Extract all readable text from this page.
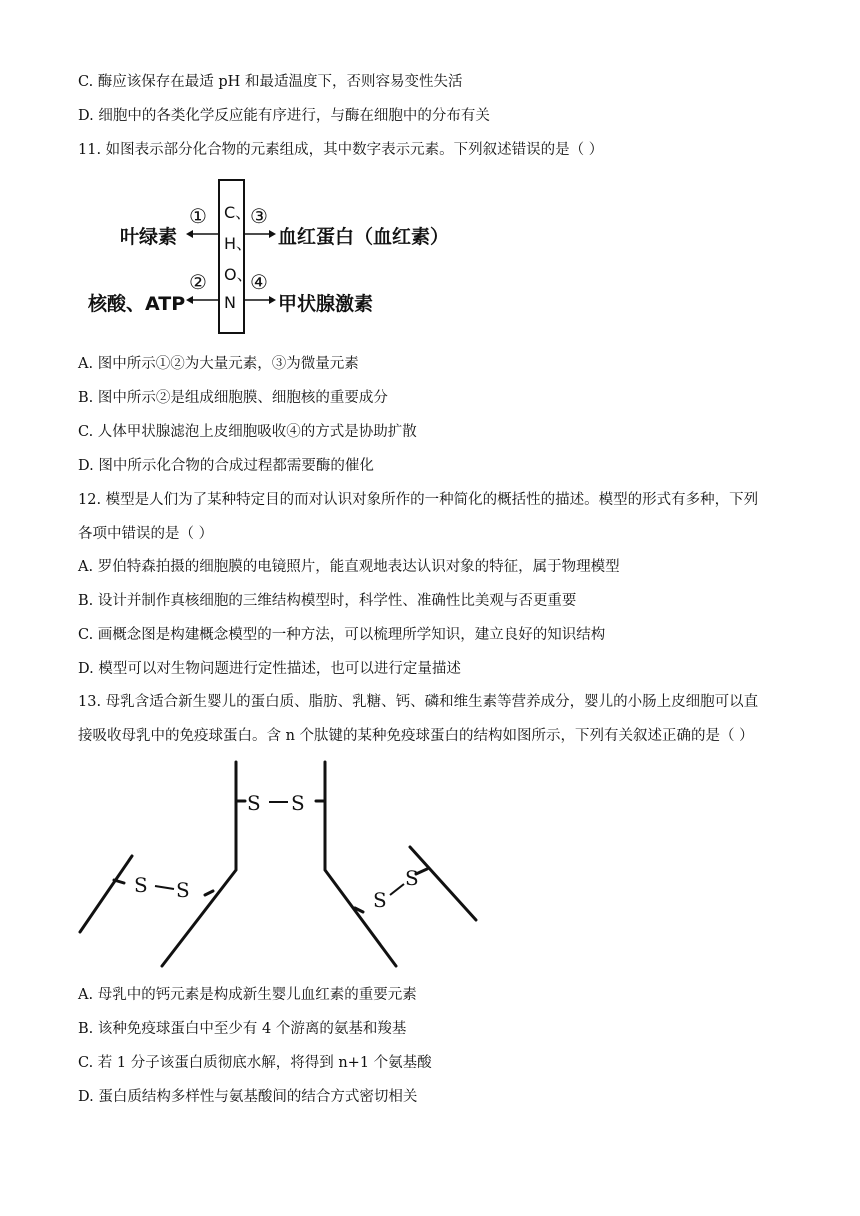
C. 酶应该保存在最适 pH 和最适温度下，否则容易变性失活
D. 细胞中的各类化学反应能有序进行，与酶在细胞中的分布有关
11. 如图表示部分化合物的元素组成，其中数字表示元素。下列叙述错误的是（ ）
C、
H、
O、
N
叶绿素
核酸、ATP
血红蛋白（血红素）
甲状腺激素
①
②
③
④
A. 图中所示①②为大量元素，③为微量元素
B. 图中所示②是组成细胞膜、细胞核的重要成分
C. 人体甲状腺滤泡上皮细胞吸收④的方式是协助扩散
D. 图中所示化合物的合成过程都需要酶的催化
12. 模型是人们为了某种特定目的而对认识对象所作的一种简化的概括性的描述。模型的形式有多种，下列
各项中错误的是（ ）
A. 罗伯特森拍摄的细胞膜的电镜照片，能直观地表达认识对象的特征，属于物理模型
B. 设计并制作真核细胞的三维结构模型时，科学性、准确性比美观与否更重要
C. 画概念图是构建概念模型的一种方法，可以梳理所学知识，建立良好的知识结构
D. 模型可以对生物问题进行定性描述，也可以进行定量描述
13. 母乳含适合新生婴儿的蛋白质、脂肪、乳糖、钙、磷和维生素等营养成分，婴儿的小肠上皮细胞可以直
接吸收母乳中的免疫球蛋白。含 n 个肽键的某种免疫球蛋白的结构如图所示，下列有关叙述正确的是（ ）
S S
S S	S
S
A. 母乳中的钙元素是构成新生婴儿血红素的重要元素
B. 该种免疫球蛋白中至少有 4 个游离的氨基和羧基
C. 若 1 分子该蛋白质彻底水解，将得到 n+1 个氨基酸
D. 蛋白质结构多样性与氨基酸间的结合方式密切相关
